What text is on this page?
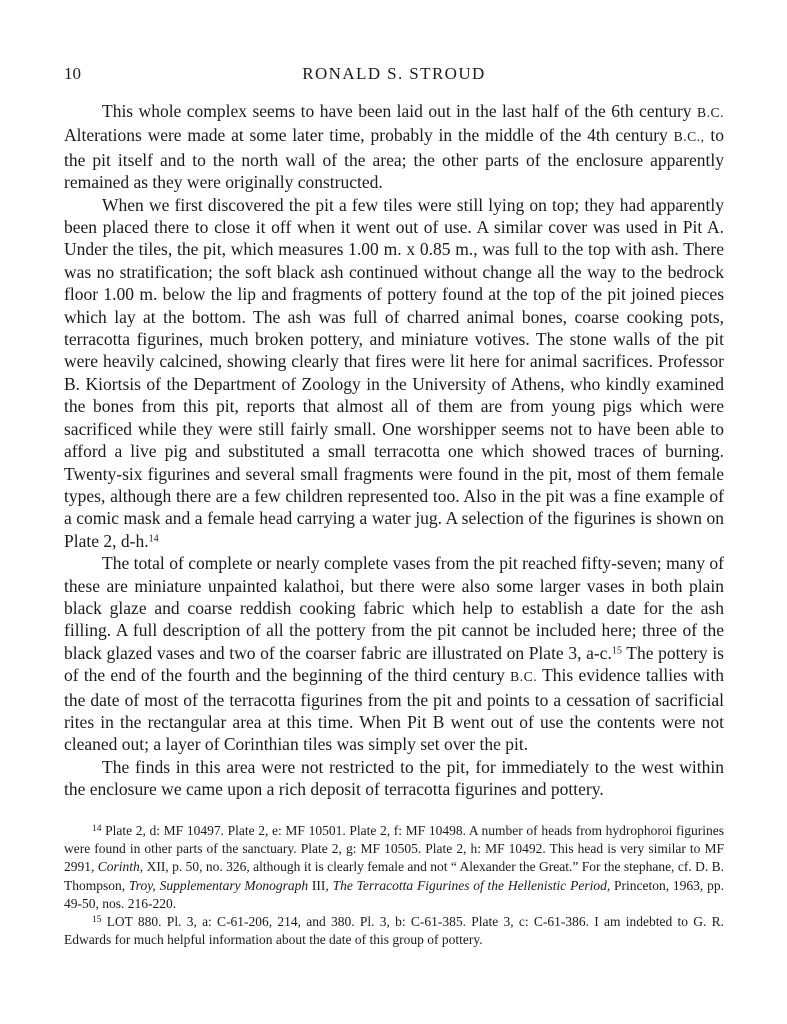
10	RONALD S. STROUD

This whole complex seems to have been laid out in the last half of the 6th century B.C. Alterations were made at some later time, probably in the middle of the 4th century B.C., to the pit itself and to the north wall of the area; the other parts of the enclosure apparently remained as they were originally constructed.

When we first discovered the pit a few tiles were still lying on top; they had apparently been placed there to close it off when it went out of use. A similar cover was used in Pit A. Under the tiles, the pit, which measures 1.00 m. x 0.85 m., was full to the top with ash. There was no stratification; the soft black ash continued without change all the way to the bedrock floor 1.00 m. below the lip and fragments of pottery found at the top of the pit joined pieces which lay at the bottom. The ash was full of charred animal bones, coarse cooking pots, terracotta figurines, much broken pottery, and miniature votives. The stone walls of the pit were heavily calcined, showing clearly that fires were lit here for animal sacrifices. Professor B. Kiortsis of the Department of Zoology in the University of Athens, who kindly examined the bones from this pit, reports that almost all of them are from young pigs which were sacrificed while they were still fairly small. One worshipper seems not to have been able to afford a live pig and substituted a small terracotta one which showed traces of burning. Twenty-six figurines and several small fragments were found in the pit, most of them female types, although there are a few children represented too. Also in the pit was a fine example of a comic mask and a female head carrying a water jug. A selection of the figurines is shown on Plate 2, d-h.$^{14}$

The total of complete or nearly complete vases from the pit reached fifty-seven; many of these are miniature unpainted kalathoi, but there were also some larger vases in both plain black glaze and coarse reddish cooking fabric which help to establish a date for the ash filling. A full description of all the pottery from the pit cannot be included here; three of the black glazed vases and two of the coarser fabric are illustrated on Plate 3, a-c.$^{15}$ The pottery is of the end of the fourth and the beginning of the third century B.C. This evidence tallies with the date of most of the terracotta figurines from the pit and points to a cessation of sacrificial rites in the rectangular area at this time. When Pit B went out of use the contents were not cleaned out; a layer of Corinthian tiles was simply set over the pit.

The finds in this area were not restricted to the pit, for immediately to the west within the enclosure we came upon a rich deposit of terracotta figurines and pottery.

$^{14}$ Plate 2, d: MF 10497. Plate 2, e: MF 10501. Plate 2, f: MF 10498. A number of heads from hydrophoroi figurines were found in other parts of the sanctuary. Plate 2, g: MF 10505. Plate 2, h: MF 10492. This head is very similar to MF 2991, Corinth, XII, p. 50, no. 326, although it is clearly female and not “ Alexander the Great.” For the stephane, cf. D. B. Thompson, Troy, Supplementary Monograph III, The Terracotta Figurines of the Hellenistic Period, Princeton, 1963, pp. 49-50, nos. 216-220.

$^{15}$ LOT 880. Pl. 3, a: C-61-206, 214, and 380. Pl. 3, b: C-61-385. Plate 3, c: C-61-386. I am indebted to G. R. Edwards for much helpful information about the date of this group of pottery.
